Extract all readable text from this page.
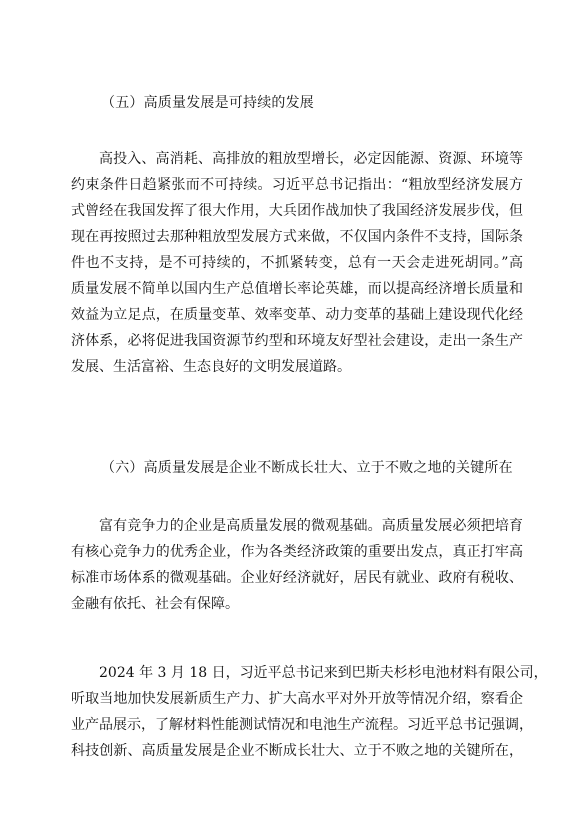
（五）高质量发展是可持续的发展
高投入、高消耗、高排放的粗放型增长，必定因能源、资源、环境等
约束条件日趋紧张而不可持续。习近平总书记指出：“粗放型经济发展方
式曾经在我国发挥了很大作用，大兵团作战加快了我国经济发展步伐，但
现在再按照过去那种粗放型发展方式来做，不仅国内条件不支持，国际条
件也不支持，是不可持续的，不抓紧转变，总有一天会走进死胡同。”高
质量发展不简单以国内生产总值增长率论英雄，而以提高经济增长质量和
效益为立足点，在质量变革、效率变革、动力变革的基础上建设现代化经
济体系，必将促进我国资源节约型和环境友好型社会建设，走出一条生产
发展、生活富裕、生态良好的文明发展道路。
（六）高质量发展是企业不断成长壮大、立于不败之地的关键所在
富有竞争力的企业是高质量发展的微观基础。高质量发展必须把培育
有核心竞争力的优秀企业，作为各类经济政策的重要出发点，真正打牢高
标准市场体系的微观基础。企业好经济就好，居民有就业、政府有税收、
金融有依托、社会有保障。
2024 年 3 月 18 日，习近平总书记来到巴斯夫杉杉电池材料有限公司，
听取当地加快发展新质生产力、扩大高水平对外开放等情况介绍，察看企
业产品展示，了解材料性能测试情况和电池生产流程。习近平总书记强调，
科技创新、高质量发展是企业不断成长壮大、立于不败之地的关键所在，
